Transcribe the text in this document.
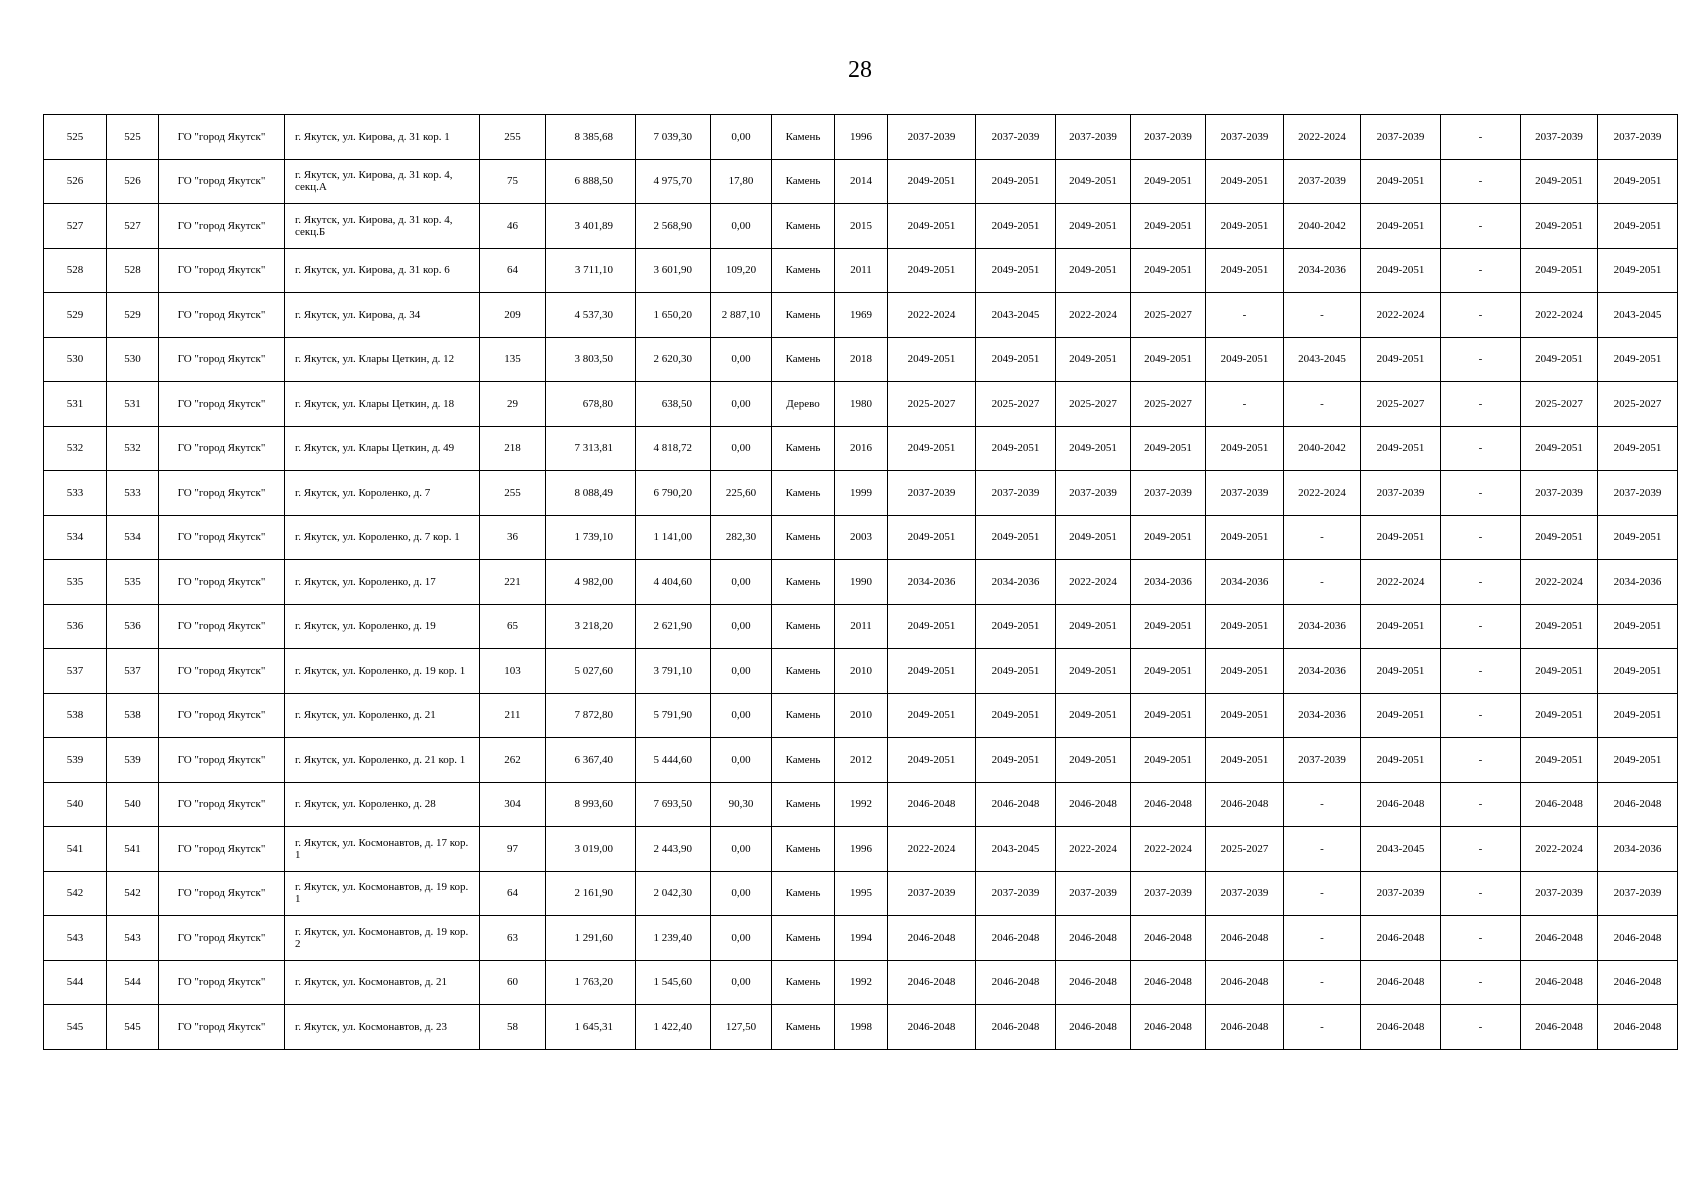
28
525	525	ГО "город Якутск"	г. Якутск, ул. Кирова, д. 31 кор. 1	255	8 385,68	7 039,30	0,00	Камень	1996	2037-2039	2037-2039	2037-2039	2037-2039	2037-2039	2022-2024	2037-2039	-	2037-2039	2037-2039
526	526	ГО "город Якутск"	г. Якутск, ул. Кирова, д. 31 кор. 4, секц.А	75	6 888,50	4 975,70	17,80	Камень	2014	2049-2051	2049-2051	2049-2051	2049-2051	2049-2051	2037-2039	2049-2051	-	2049-2051	2049-2051
527	527	ГО "город Якутск"	г. Якутск, ул. Кирова, д. 31 кор. 4, секц.Б	46	3 401,89	2 568,90	0,00	Камень	2015	2049-2051	2049-2051	2049-2051	2049-2051	2049-2051	2040-2042	2049-2051	-	2049-2051	2049-2051
528	528	ГО "город Якутск"	г. Якутск, ул. Кирова, д. 31 кор. 6	64	3 711,10	3 601,90	109,20	Камень	2011	2049-2051	2049-2051	2049-2051	2049-2051	2049-2051	2034-2036	2049-2051	-	2049-2051	2049-2051
529	529	ГО "город Якутск"	г. Якутск, ул. Кирова, д. 34	209	4 537,30	1 650,20	2 887,10	Камень	1969	2022-2024	2043-2045	2022-2024	2025-2027	-	-	2022-2024	-	2022-2024	2043-2045
530	530	ГО "город Якутск"	г. Якутск, ул. Клары Цеткин, д. 12	135	3 803,50	2 620,30	0,00	Камень	2018	2049-2051	2049-2051	2049-2051	2049-2051	2049-2051	2043-2045	2049-2051	-	2049-2051	2049-2051
531	531	ГО "город Якутск"	г. Якутск, ул. Клары Цеткин, д. 18	29	678,80	638,50	0,00	Дерево	1980	2025-2027	2025-2027	2025-2027	2025-2027	-	-	2025-2027	-	2025-2027	2025-2027
532	532	ГО "город Якутск"	г. Якутск, ул. Клары Цеткин, д. 49	218	7 313,81	4 818,72	0,00	Камень	2016	2049-2051	2049-2051	2049-2051	2049-2051	2049-2051	2040-2042	2049-2051	-	2049-2051	2049-2051
533	533	ГО "город Якутск"	г. Якутск, ул. Короленко, д. 7	255	8 088,49	6 790,20	225,60	Камень	1999	2037-2039	2037-2039	2037-2039	2037-2039	2037-2039	2022-2024	2037-2039	-	2037-2039	2037-2039
534	534	ГО "город Якутск"	г. Якутск, ул. Короленко, д. 7 кор. 1	36	1 739,10	1 141,00	282,30	Камень	2003	2049-2051	2049-2051	2049-2051	2049-2051	2049-2051	-	2049-2051	-	2049-2051	2049-2051
535	535	ГО "город Якутск"	г. Якутск, ул. Короленко, д. 17	221	4 982,00	4 404,60	0,00	Камень	1990	2034-2036	2034-2036	2022-2024	2034-2036	2034-2036	-	2022-2024	-	2022-2024	2034-2036
536	536	ГО "город Якутск"	г. Якутск, ул. Короленко, д. 19	65	3 218,20	2 621,90	0,00	Камень	2011	2049-2051	2049-2051	2049-2051	2049-2051	2049-2051	2034-2036	2049-2051	-	2049-2051	2049-2051
537	537	ГО "город Якутск"	г. Якутск, ул. Короленко, д. 19 кор. 1	103	5 027,60	3 791,10	0,00	Камень	2010	2049-2051	2049-2051	2049-2051	2049-2051	2049-2051	2034-2036	2049-2051	-	2049-2051	2049-2051
538	538	ГО "город Якутск"	г. Якутск, ул. Короленко, д. 21	211	7 872,80	5 791,90	0,00	Камень	2010	2049-2051	2049-2051	2049-2051	2049-2051	2049-2051	2034-2036	2049-2051	-	2049-2051	2049-2051
539	539	ГО "город Якутск"	г. Якутск, ул. Короленко, д. 21 кор. 1	262	6 367,40	5 444,60	0,00	Камень	2012	2049-2051	2049-2051	2049-2051	2049-2051	2049-2051	2037-2039	2049-2051	-	2049-2051	2049-2051
540	540	ГО "город Якутск"	г. Якутск, ул. Короленко, д. 28	304	8 993,60	7 693,50	90,30	Камень	1992	2046-2048	2046-2048	2046-2048	2046-2048	2046-2048	-	2046-2048	-	2046-2048	2046-2048
541	541	ГО "город Якутск"	г. Якутск, ул. Космонавтов, д. 17 кор. 1	97	3 019,00	2 443,90	0,00	Камень	1996	2022-2024	2043-2045	2022-2024	2022-2024	2025-2027	-	2043-2045	-	2022-2024	2034-2036
542	542	ГО "город Якутск"	г. Якутск, ул. Космонавтов, д. 19 кор. 1	64	2 161,90	2 042,30	0,00	Камень	1995	2037-2039	2037-2039	2037-2039	2037-2039	2037-2039	-	2037-2039	-	2037-2039	2037-2039
543	543	ГО "город Якутск"	г. Якутск, ул. Космонавтов, д. 19 кор. 2	63	1 291,60	1 239,40	0,00	Камень	1994	2046-2048	2046-2048	2046-2048	2046-2048	2046-2048	-	2046-2048	-	2046-2048	2046-2048
544	544	ГО "город Якутск"	г. Якутск, ул. Космонавтов, д. 21	60	1 763,20	1 545,60	0,00	Камень	1992	2046-2048	2046-2048	2046-2048	2046-2048	2046-2048	-	2046-2048	-	2046-2048	2046-2048
545	545	ГО "город Якутск"	г. Якутск, ул. Космонавтов, д. 23	58	1 645,31	1 422,40	127,50	Камень	1998	2046-2048	2046-2048	2046-2048	2046-2048	2046-2048	-	2046-2048	-	2046-2048	2046-2048
